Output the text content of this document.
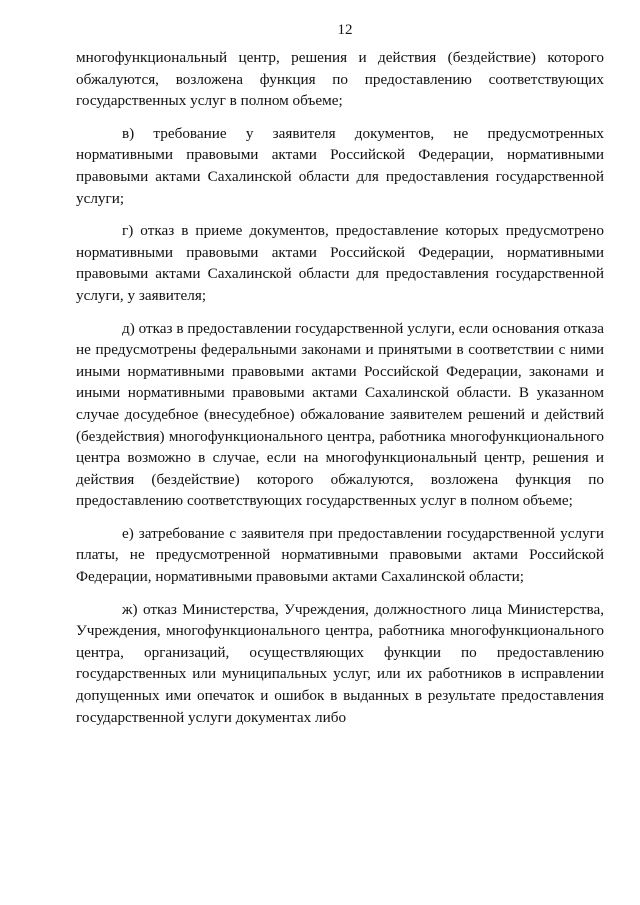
12

многофункциональный центр, решения и действия (бездействие) которого обжалуются, возложена функция по предоставлению соответствующих государственных услуг в полном объеме;

в) требование у заявителя документов, не предусмотренных нормативными правовыми актами Российской Федерации, нормативными правовыми актами Сахалинской области для предоставления государственной услуги;

г) отказ в приеме документов, предоставление которых предусмотрено нормативными правовыми актами Российской Федерации, нормативными правовыми актами Сахалинской области для предоставления государственной услуги, у заявителя;

д) отказ в предоставлении государственной услуги, если основания отказа не предусмотрены федеральными законами и принятыми в соответствии с ними иными нормативными правовыми актами Российской Федерации, законами и иными нормативными правовыми актами Сахалинской области. В указанном случае досудебное (внесудебное) обжалование заявителем решений и действий (бездействия) многофункционального центра, работника многофункционального центра возможно в случае, если на многофункциональный центр, решения и действия (бездействие) которого обжалуются, возложена функция по предоставлению соответствующих государственных услуг в полном объеме;

е) затребование с заявителя при предоставлении государственной услуги платы, не предусмотренной нормативными правовыми актами Российской Федерации, нормативными правовыми актами Сахалинской области;

ж) отказ Министерства, Учреждения, должностного лица Министерства, Учреждения, многофункционального центра, работника многофункционального центра, организаций, осуществляющих функции по предоставлению государственных или муниципальных услуг, или их работников в исправлении допущенных ими опечаток и ошибок в выданных в результате предоставления государственной услуги документах либо
